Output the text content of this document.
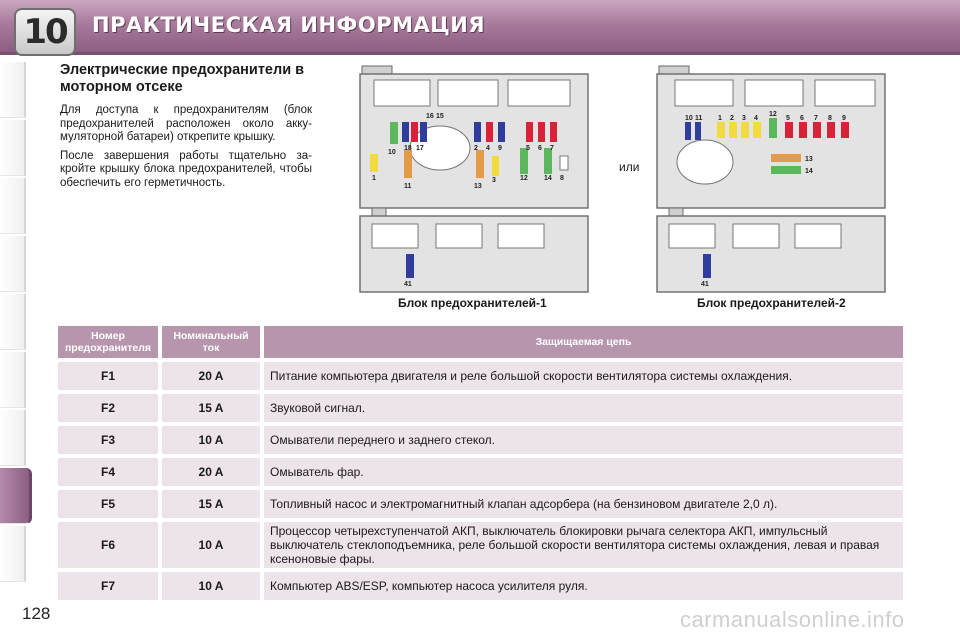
10	ПРАКТИЧЕСКАЯ ИНФОРМАЦИЯ
Электрические предохранители в моторном отсеке

Для доступа к предохранителям (блок предохранителей расположен около акку-муляторной батареи) открепите крышку.

После завершения работы тщательно за-кройте крышку блока предохранителей, чтобы обеспечить его герметичность.

16 15
18 17
10
2 4 9	5 6 7
1
11	13
3	12 14 8
41
Блок предохранителей-1
или
10 11 1 2 3 4
12
5 6 7 8 9
13
14
41
Блок предохранителей-2
Номер предохранителя	Номинальный ток	Защищаемая цепь
F1	20 A	Питание компьютера двигателя и реле большой скорости вентилятора системы охлаждения.
F2	15 A	Звуковой сигнал.
F3	10 A	Омыватели переднего и заднего стекол.
F4	20 A	Омыватель фар.
F5	15 A	Топливный насос и электромагнитный клапан адсорбера (на бензиновом двигателе 2,0 л).
F6	10 A	Процессор четырехступенчатой АКП, выключатель блокировки рычага селектора АКП, импульсный выключатель стеклоподъемника, реле большой скорости вентилятора системы охлаждения, левая и правая ксеноновые фары.
F7	10 A	Компьютер ABS/ESP, компьютер насоса усилителя руля.
128	carmanualsonline.info
